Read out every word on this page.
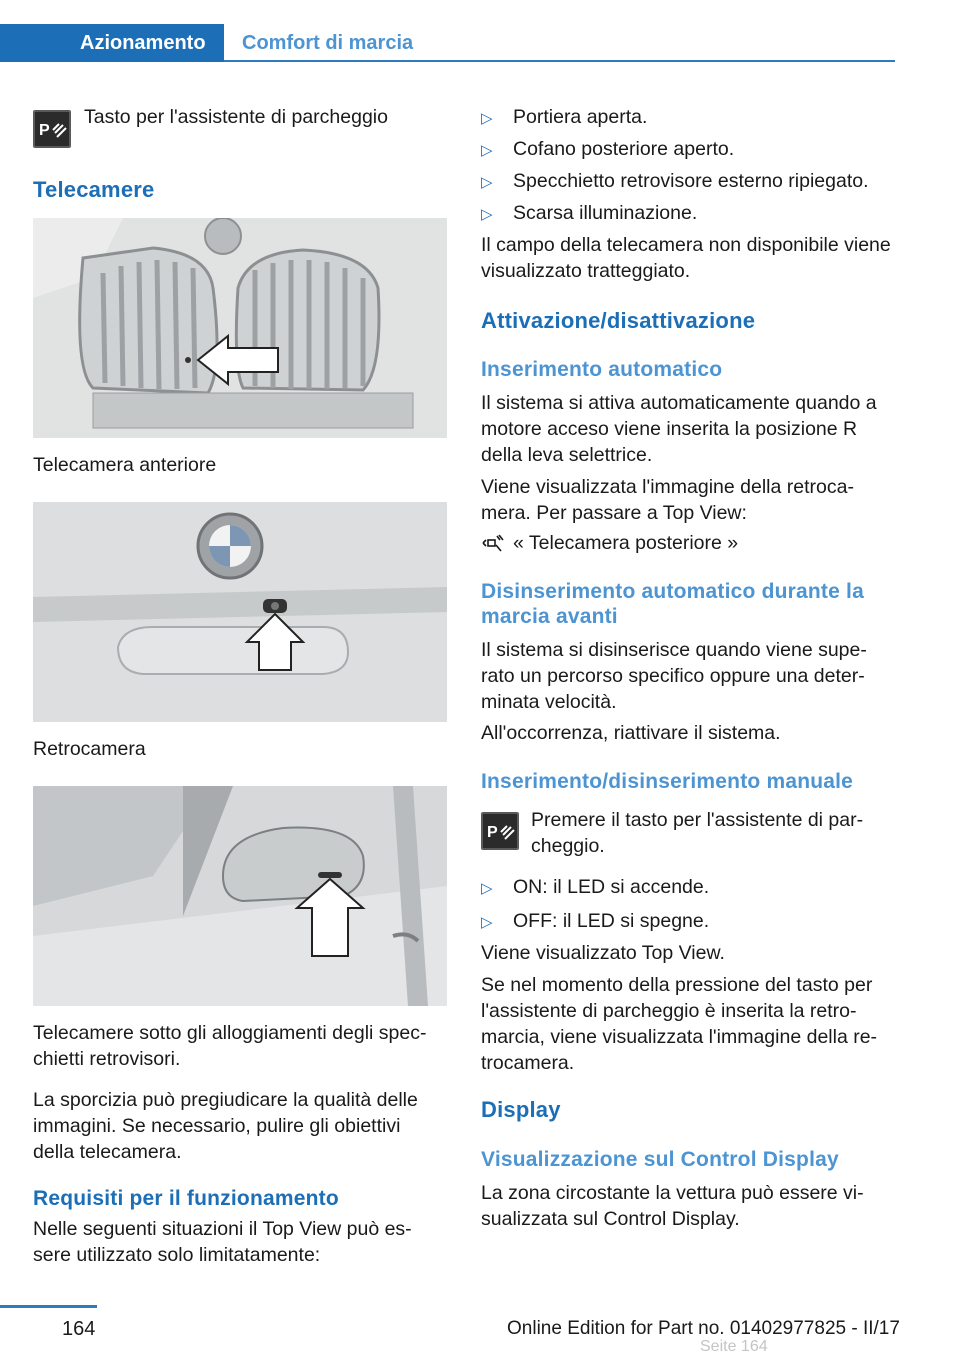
Azionamento Comfort di marcia
P
Tasto per l'assistente di parcheggio
Telecamere
Telecamera anteriore
Retrocamera
Telecamere sotto gli alloggiamenti degli spec-
chietti retrovisori.
La sporcizia può pregiudicare la qualità delle
immagini. Se necessario, pulire gli obiettivi
della telecamera.
Requisiti per il funzionamento
Nelle seguenti situazioni il Top View può es-
sere utilizzato solo limitatamente:
▷ Portiera aperta.
▷ Cofano posteriore aperto.
▷ Specchietto retrovisore esterno ripiegato.
▷ Scarsa illuminazione.
Il campo della telecamera non disponibile viene
visualizzato tratteggiato.
Attivazione/disattivazione
Inserimento automatico
Il sistema si attiva automaticamente quando a
motore acceso viene inserita la posizione R
della leva selettrice.
Viene visualizzata l'immagine della retroca-
mera. Per passare a Top View:
« Telecamera posteriore »
Disinserimento automatico durante la
marcia avanti
Il sistema si disinserisce quando viene supe-
rato un percorso specifico oppure una deter-
minata velocità.
All'occorrenza, riattivare il sistema.
Inserimento/disinserimento manuale
P
Premere il tasto per l'assistente di par-
cheggio.
▷ ON: il LED si accende.
▷ OFF: il LED si spegne.
Viene visualizzato Top View.
Se nel momento della pressione del tasto per
l'assistente di parcheggio è inserita la retro-
marcia, viene visualizzata l'immagine della re-
trocamera.
Display
Visualizzazione sul Control Display
La zona circostante la vettura può essere vi-
sualizzata sul Control Display.
164	Online Edition for Part no. 01402977825 - II/17
Seite 164
